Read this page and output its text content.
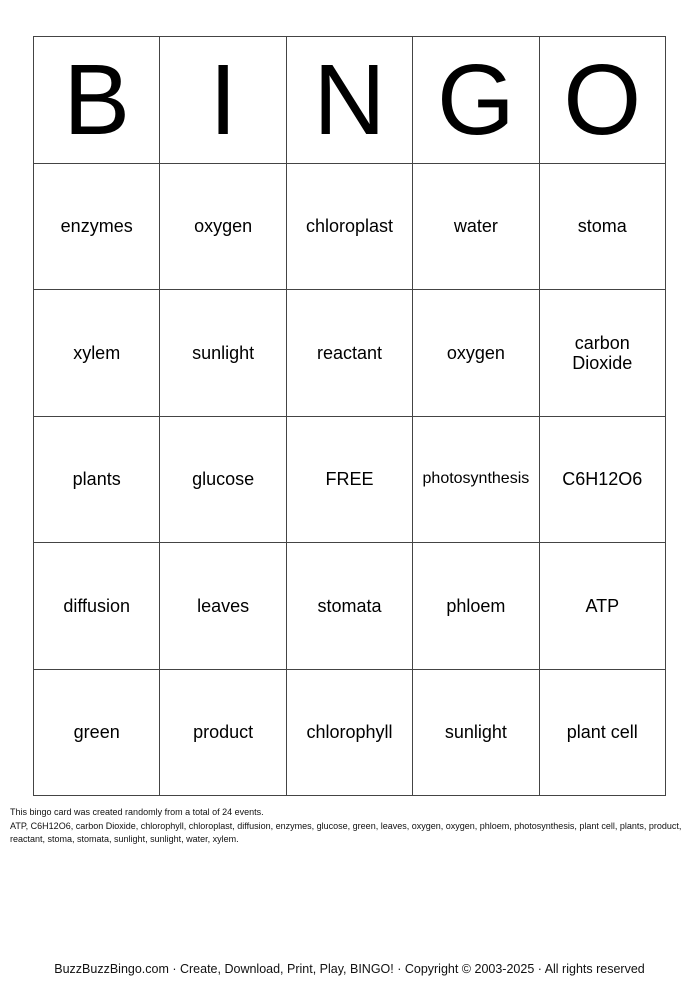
B I N G O
enzymes	oxygen	chloroplast	water	stoma
xylem	sunlight	reactant	oxygen	carbon Dioxide
plants	glucose	FREE	photosynthesis	C6H12O6
diffusion	leaves	stomata	phloem	ATP
green	product	chlorophyll	sunlight	plant cell
This bingo card was created randomly from a total of 24 events.
ATP, C6H12O6, carbon Dioxide, chlorophyll, chloroplast, diffusion, enzymes, glucose, green, leaves, oxygen, oxygen, phloem, photosynthesis, plant cell, plants, product, reactant, stoma, stomata, sunlight, sunlight, water, xylem.
BuzzBuzzBingo.com · Create, Download, Print, Play, BINGO! · Copyright © 2003-2025 · All rights reserved
